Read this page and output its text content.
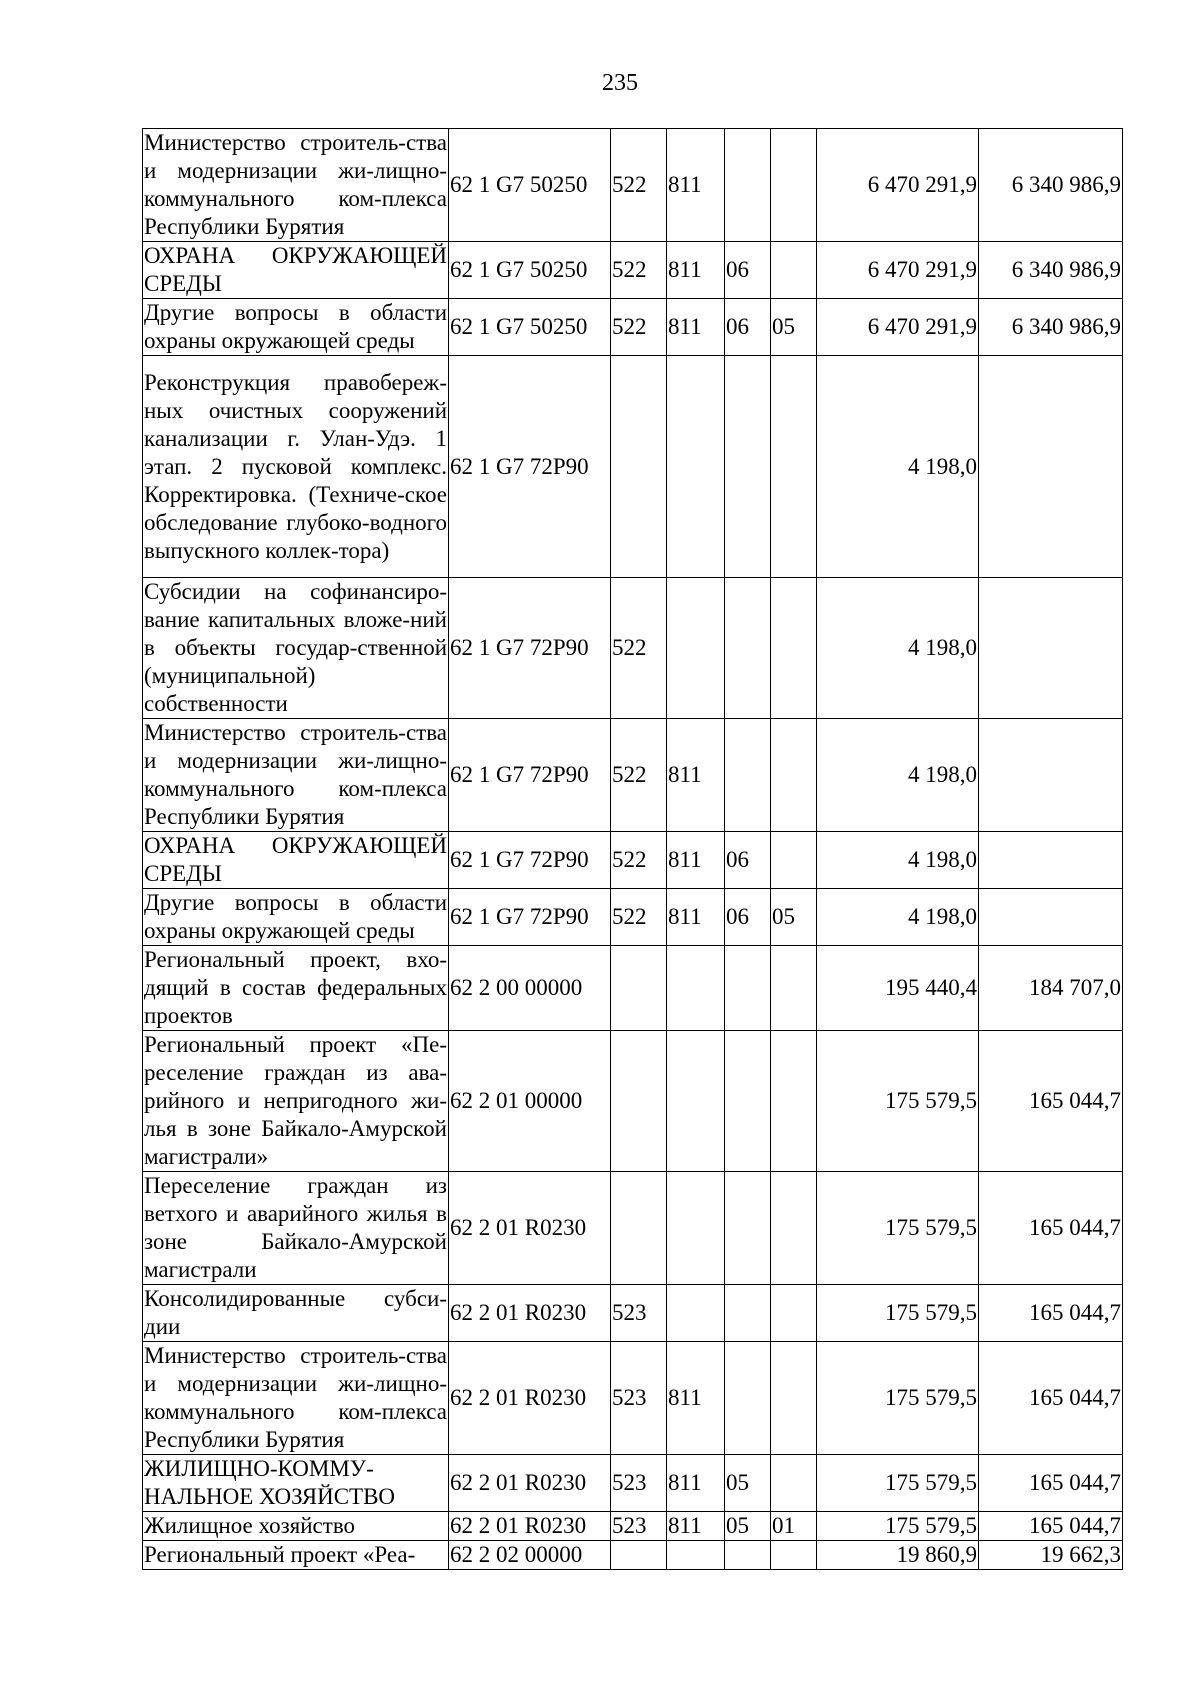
235
Министерство строитель-ства и модернизации жи-лищно-коммунального ком-плекса Республики Бурятия	62 1 G7 50250	522	811			6 470 291,9	6 340 986,9
ОХРАНА ОКРУЖАЮЩЕЙ СРЕДЫ	62 1 G7 50250	522	811	06		6 470 291,9	6 340 986,9
Другие вопросы в области охраны окружающей среды	62 1 G7 50250	522	811	06	05	6 470 291,9	6 340 986,9
Реконструкция правобереж-ных очистных сооружений канализации г. Улан-Удэ. 1 этап. 2 пусковой комплекс. Корректировка. (Техниче-ское обследование глубоко-водного выпускного коллек-тора)	62 1 G7 72P90					4 198,0	
Субсидии на софинансиро-вание капитальных вложе-ний в объекты государ-ственной (муниципальной) собственности	62 1 G7 72P90	522				4 198,0	
Министерство строитель-ства и модернизации жи-лищно-коммунального ком-плекса Республики Бурятия	62 1 G7 72P90	522	811			4 198,0	
ОХРАНА ОКРУЖАЮЩЕЙ СРЕДЫ	62 1 G7 72P90	522	811	06		4 198,0	
Другие вопросы в области охраны окружающей среды	62 1 G7 72P90	522	811	06	05	4 198,0	
Региональный проект, вхо-дящий в состав федеральных проектов	62 2 00 00000					195 440,4	184 707,0
Региональный проект «Пе-реселение граждан из ава-рийного и непригодного жи-лья в зоне Байкало-Амурской магистрали»	62 2 01 00000					175 579,5	165 044,7
Переселение граждан из ветхого и аварийного жилья в зоне Байкало-Амурской магистрали	62 2 01 R0230					175 579,5	165 044,7
Консолидированные субси-дии	62 2 01 R0230	523				175 579,5	165 044,7
Министерство строитель-ства и модернизации жи-лищно-коммунального ком-плекса Республики Бурятия	62 2 01 R0230	523	811			175 579,5	165 044,7
ЖИЛИЩНО-КОММУ-НАЛЬНОЕ ХОЗЯЙСТВО	62 2 01 R0230	523	811	05		175 579,5	165 044,7
Жилищное хозяйство	62 2 01 R0230	523	811	05	01	175 579,5	165 044,7
Региональный проект «Реа-	62 2 02 00000					19 860,9	19 662,3
